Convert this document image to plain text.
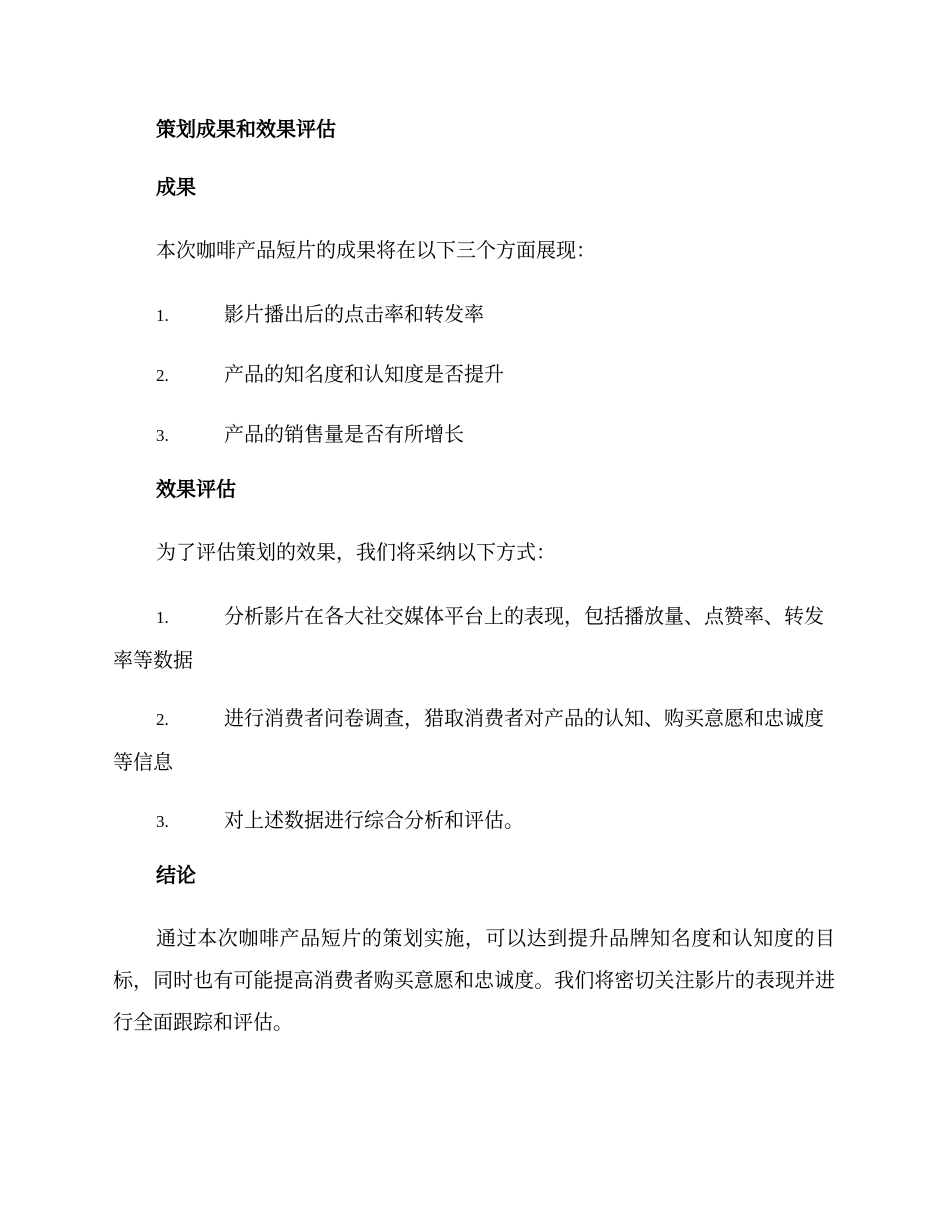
策划成果和效果评估
成果
本次咖啡产品短片的成果将在以下三个方面展现：
1.	影片播出后的点击率和转发率
2.	产品的知名度和认知度是否提升
3.	产品的销售量是否有所增长
效果评估
为了评估策划的效果，我们将采纳以下方式：
1.	分析影片在各大社交媒体平台上的表现，包括播放量、点赞率、转发率等数据
2.	进行消费者问卷调查，猎取消费者对产品的认知、购买意愿和忠诚度等信息
3.	对上述数据进行综合分析和评估。
结论
通过本次咖啡产品短片的策划实施，可以达到提升品牌知名度和认知度的目标，同时也有可能提高消费者购买意愿和忠诚度。我们将密切关注影片的表现并进行全面跟踪和评估。
